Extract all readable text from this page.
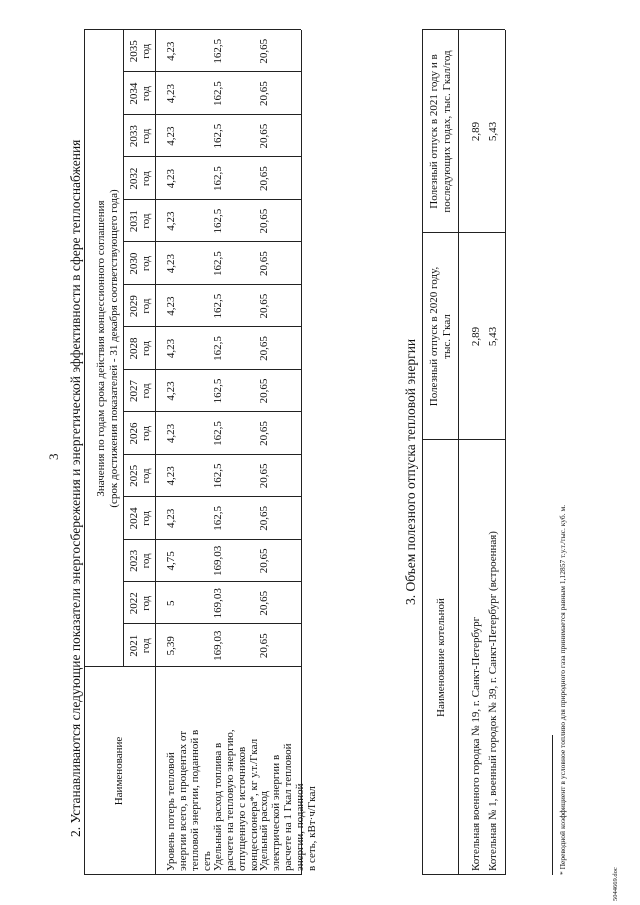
3 2. Устанавливаются следующие показатели энергосбережения и энергетической эффективности в сфере теплоснабжения	Наименование
Значения по годам срока действия концессионного соглашения (срок достижения показателей - 31 декабря соответствующего года)
2021 год
2022 год
2023 год
2024 год
2025 год
2026 год
2027 год
2028 год
2029 год
2030 год
2031 год
2032 год
2033 год
2034 год
2035 год
Уровень потерь тепловой энергии всего, в процентах от тепловой энергии, поданной в сеть
5,39
5
4,75
4,23
4,23
4,23
4,23
4,23
4,23
4,23
4,23
4,23
4,23
4,23
4,23
Удельный расход топлива в расчете на тепловую энергию, отпущенную с источников концессионера*, кг у.т./Гкал
169,03
169,03
169,03
162,5
162,5
162,5
162,5
162,5
162,5
162,5
162,5
162,5
162,5
162,5
162,5
Удельный расход электрической энергии в расчете на 1 Гкал тепловой энергии, поданной в сеть, кВт·ч/Гкал
20,65
20,65
20,65
20,65
20,65
20,65
20,65
20,65
20,65
20,65
20,65
20,65
20,65
20,65
20,65
3. Объем полезного отпуска тепловой энергии
Наименование котельной
Полезный отпуск в 2020 году, тыс. Гкал
Полезный отпуск в 2021 году и в последующих годах, тыс. Гкал/год
Котельная военного городка № 19, г. Санкт-Петербург
2,89
2,89
Котельная № 1, военный городок № 39, г. Санкт-Петербург (встроенная)
5,43
5,43
* Переводной коэффициент в условное топливо для природного газа принимается равным 1,12857 т.у.т./тыс. куб. м.
5044669.doc
